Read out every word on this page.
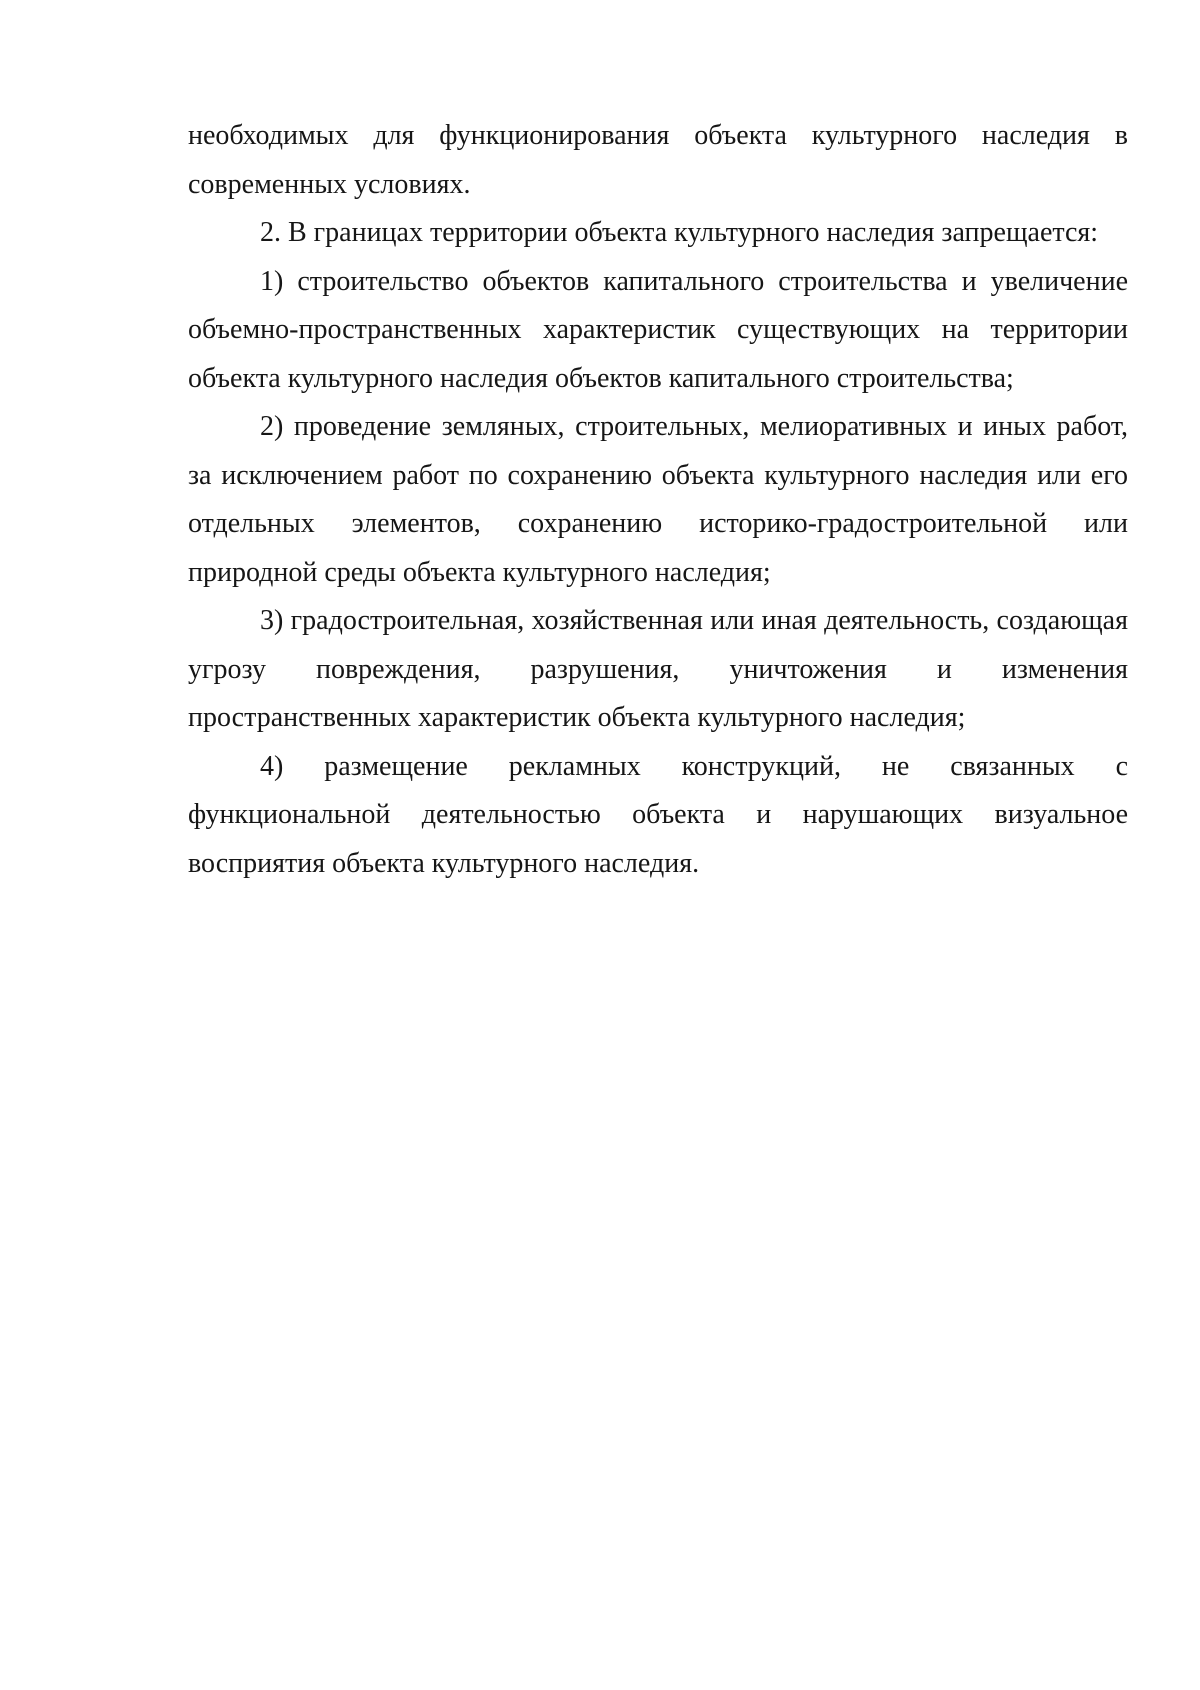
необходимых для функционирования объекта культурного наследия в современных условиях.

2. В границах территории объекта культурного наследия запрещается:

1) строительство объектов капитального строительства и увеличение объемно-пространственных характеристик существующих на территории объекта культурного наследия объектов капитального строительства;

2) проведение земляных, строительных, мелиоративных и иных работ, за исключением работ по сохранению объекта культурного наследия или его отдельных элементов, сохранению историко-градостроительной или природной среды объекта культурного наследия;

3) градостроительная, хозяйственная или иная деятельность, создающая угрозу повреждения, разрушения, уничтожения и изменения пространственных характеристик объекта культурного наследия;

4) размещение рекламных конструкций, не связанных с функциональной деятельностью объекта и нарушающих визуальное восприятия объекта культурного наследия.
